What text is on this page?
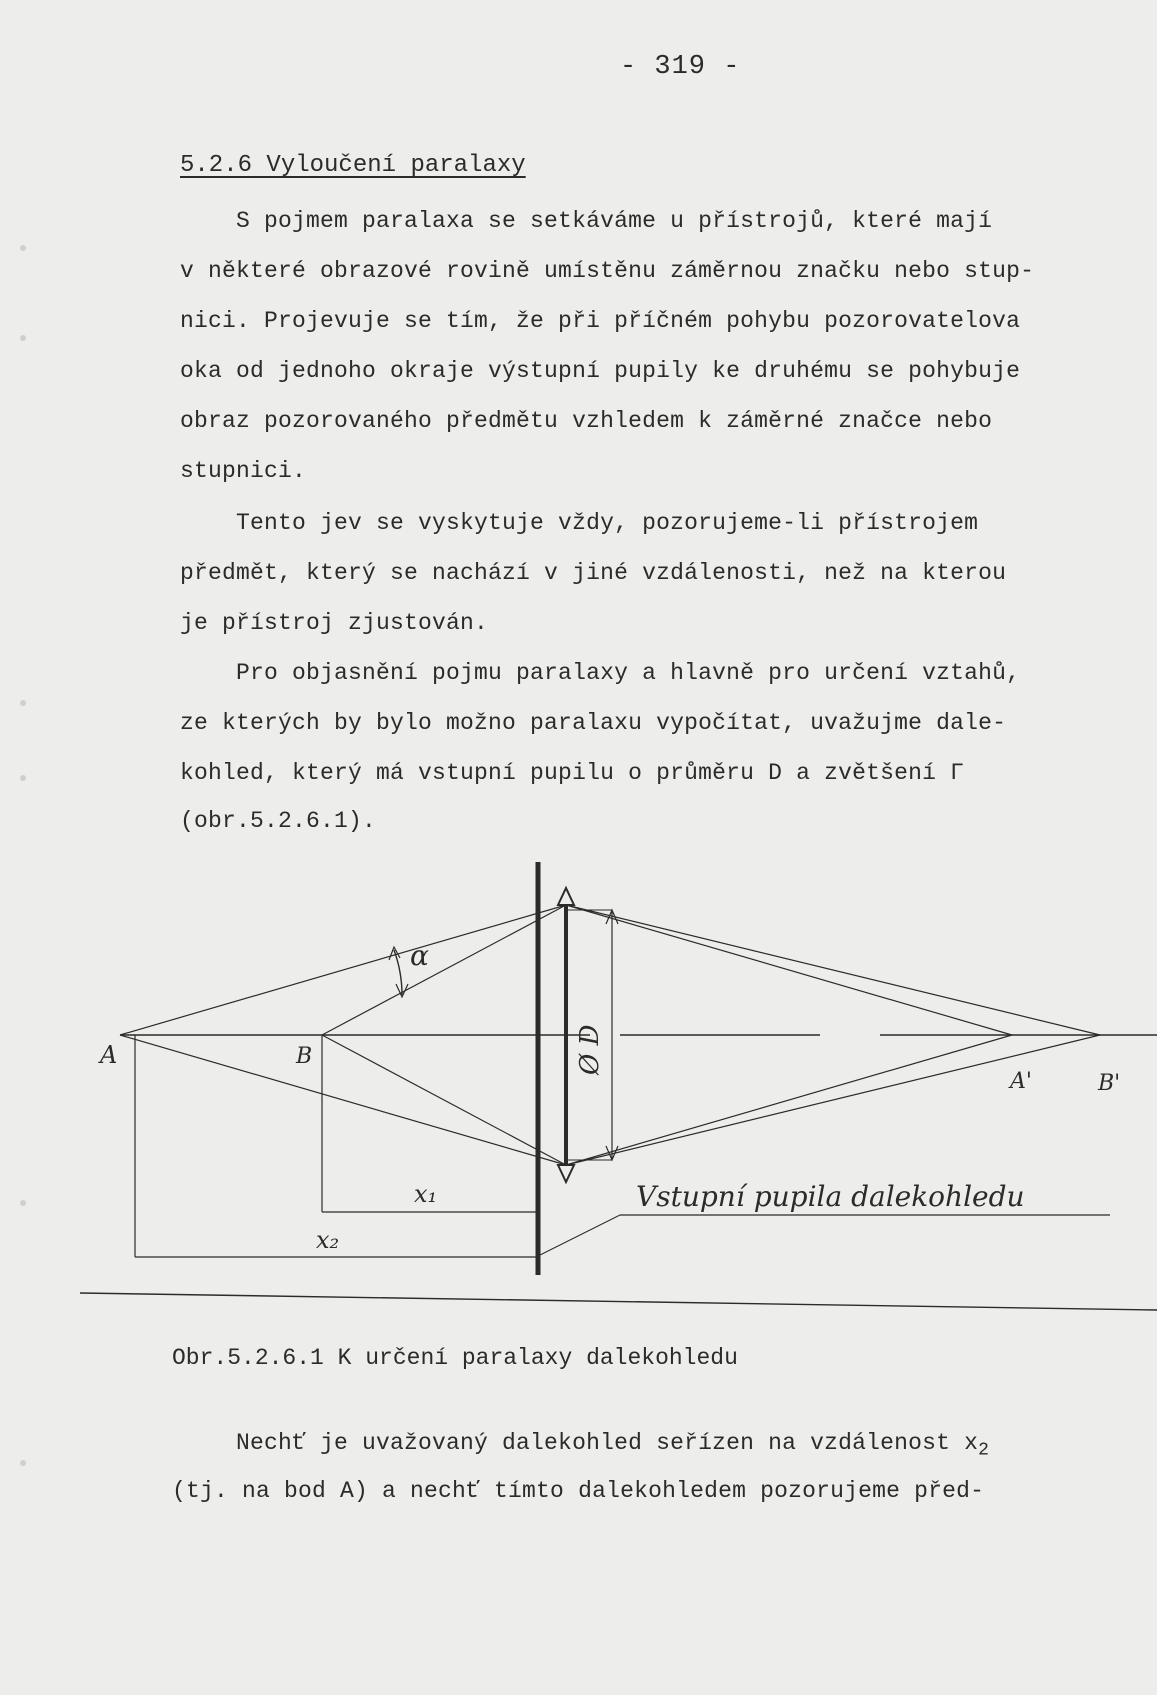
- 319 -
5.2.6 Vyloučení paralaxy
S pojmem paralaxa se setkáváme u přístrojů, které mají
v některé obrazové rovině umístěnu záměrnou značku nebo stup-
nici. Projevuje se tím, že při příčném pohybu pozorovatelova
oka od jednoho okraje výstupní pupily ke druhému se pohybuje
obraz pozorovaného předmětu vzhledem k záměrné značce nebo
stupnici.
Tento jev se vyskytuje vždy, pozorujeme-li přístrojem
předmět, který se nachází v jiné vzdálenosti, než na kterou
je přístroj zjustován.
Pro objasnění pojmu paralaxy a hlavně pro určení vztahů,
ze kterých by bylo možno paralaxu vypočítat, uvažujme dale-
kohled, který má vstupní pupilu o průměru D a zvětšení Γ
(obr.5.2.6.1).
A	B
A'	B'
α
Ø D
x₁
x₂
Vstupní pupila dalekohledu
Obr.5.2.6.1 K určení paralaxy dalekohledu
Nechť je uvažovaný dalekohled seřízen na vzdálenost $x_2$
(tj. na bod A) a nechť tímto dalekohledem pozorujeme před-
